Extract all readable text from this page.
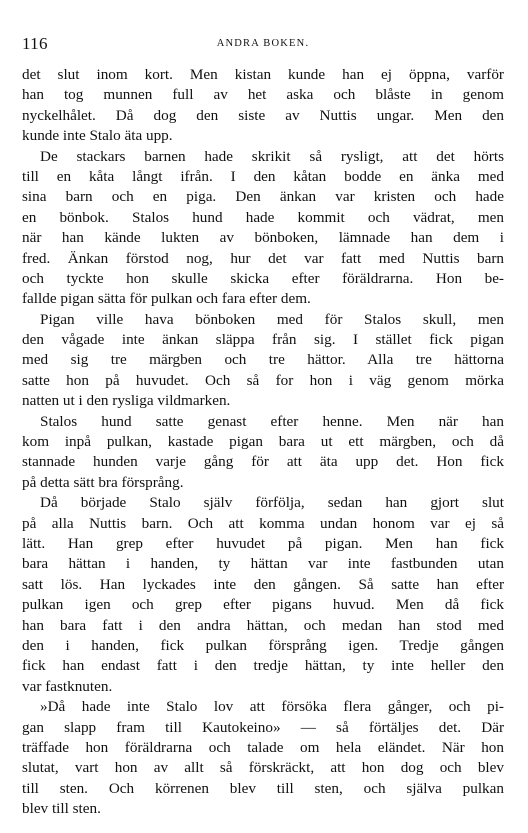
116	ANDRA BOKEN.
det slut inom kort. Men kistan kunde han ej öppna, varför
han tog munnen full av het aska och blåste in genom
nyckelhålet. Då dog den siste av Nuttis ungar. Men den
kunde inte Stalo äta upp.
De stackars barnen hade skrikit så rysligt, att det hörts
till en kåta långt ifrån. I den kåtan bodde en änka med
sina barn och en piga. Den änkan var kristen och hade
en bönbok. Stalos hund hade kommit och vädrat, men
när han kände lukten av bönboken, lämnade han dem i
fred. Änkan förstod nog, hur det var fatt med Nuttis barn
och tyckte hon skulle skicka efter föräldrarna. Hon be-
fallde pigan sätta för pulkan och fara efter dem.
Pigan ville hava bönboken med för Stalos skull, men
den vågade inte änkan släppa från sig. I stället fick pigan
med sig tre märgben och tre hättor. Alla tre hättorna
satte hon på huvudet. Och så for hon i väg genom mörka
natten ut i den rysliga vildmarken.
Stalos hund satte genast efter henne. Men när han
kom inpå pulkan, kastade pigan bara ut ett märgben, och då
stannade hunden varje gång för att äta upp det. Hon fick
på detta sätt bra försprång.
Då började Stalo själv förfölja, sedan han gjort slut
på alla Nuttis barn. Och att komma undan honom var ej så
lätt. Han grep efter huvudet på pigan. Men han fick
bara hättan i handen, ty hättan var inte fastbunden utan
satt lös. Han lyckades inte den gången. Så satte han efter
pulkan igen och grep efter pigans huvud. Men då fick
han bara fatt i den andra hättan, och medan han stod med
den i handen, fick pulkan försprång igen. Tredje gången
fick han endast fatt i den tredje hättan, ty inte heller den
var fastknuten.
»Då hade inte Stalo lov att försöka flera gånger, och pi-
gan slapp fram till Kautokeino» — så förtäljes det. Där
träffade hon föräldrarna och talade om hela eländet. När hon
slutat, vart hon av allt så förskräckt, att hon dog och blev
till sten. Och körrenen blev till sten, och själva pulkan
blev till sten.
